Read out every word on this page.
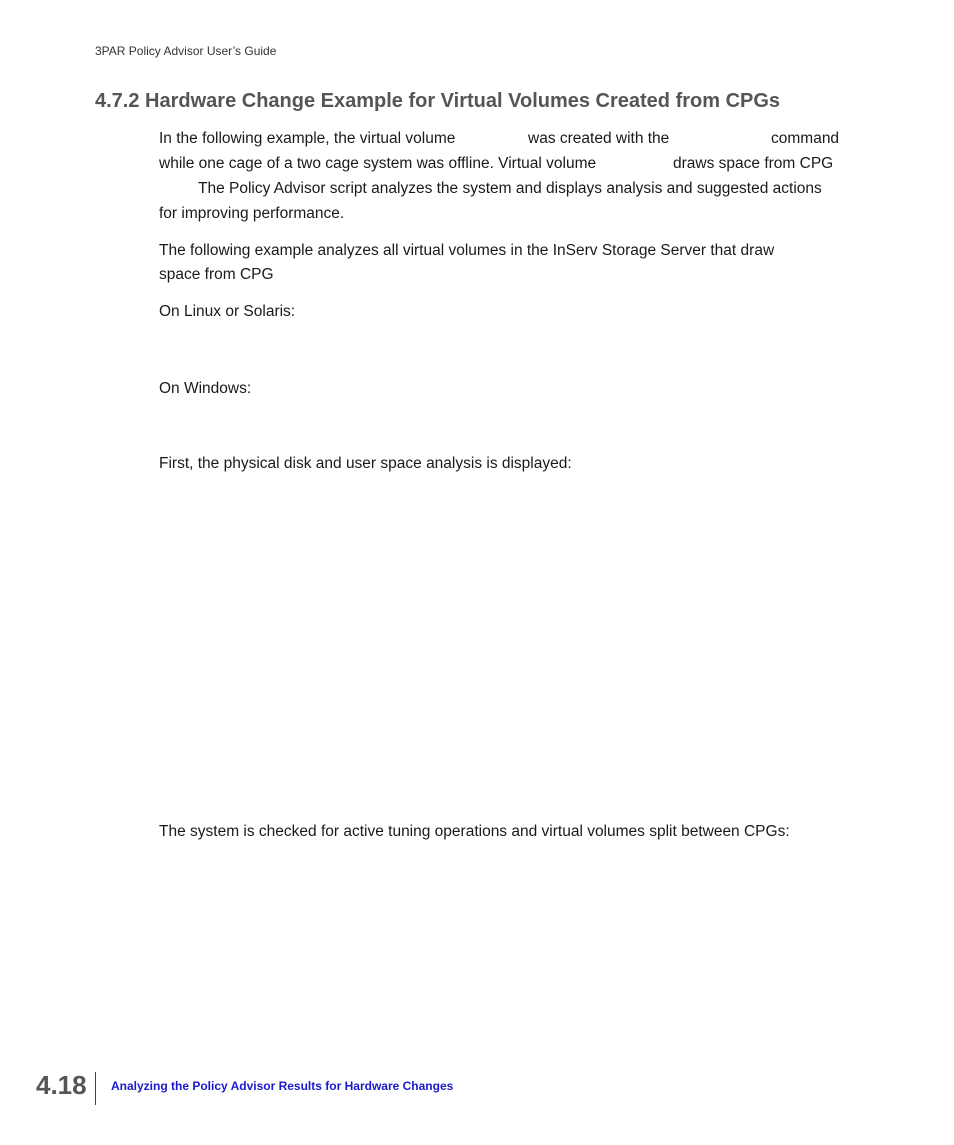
3PAR Policy Advisor User’s Guide
4.7.2 Hardware Change Example for Virtual Volumes Created from CPGs
In the following example, the virtual volume	was created with the	command
while one cage of a two cage system was offline. Virtual volume	draws space from CPG
The Policy Advisor script analyzes the system and displays analysis and suggested actions
for improving performance.
The following example analyzes all virtual volumes in the InServ Storage Server that draw
space from CPG
On Linux or Solaris:
On Windows:
First, the physical disk and user space analysis is displayed:
The system is checked for active tuning operations and virtual volumes split between CPGs:
4.18 Analyzing the Policy Advisor Results for Hardware Changes
